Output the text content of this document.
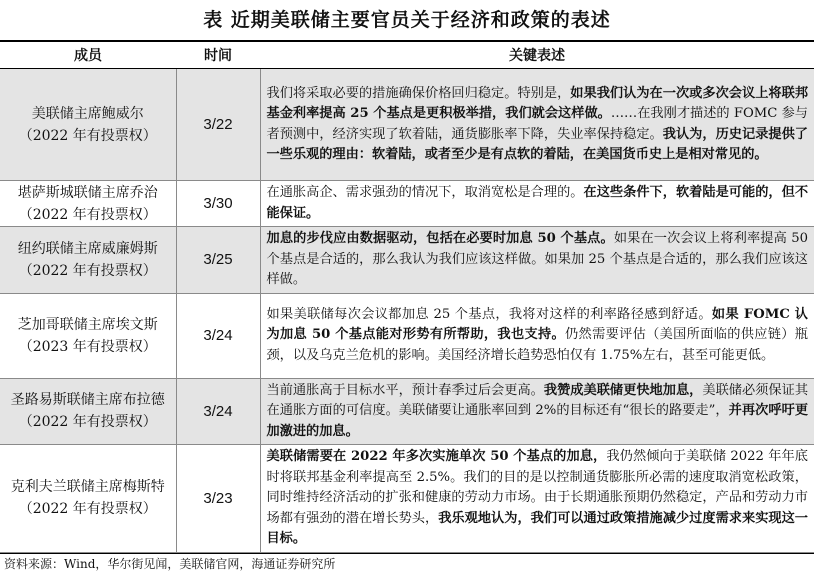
表 近期美联储主要官员关于经济和政策的表述
成员	时间	关键表述

美联储主席鲍威尔
（2022 年有投票权）	3/22	我们将采取必要的措施确保价格回归稳定。特别是，如果我们认为在一次或多次会议上将联邦基金利率提高 25 个基点是更积极举措，我们就会这样做。……在我刚才描述的 FOMC 参与者预测中，经济实现了软着陆，通货膨胀率下降，失业率保持稳定。我认为，历史记录提供了一些乐观的理由：软着陆，或者至少是有点软的着陆，在美国货币史上是相对常见的。

堪萨斯城联储主席乔治
（2022 年有投票权）	3/30	在通胀高企、需求强劲的情况下，取消宽松是合理的。在这些条件下，软着陆是可能的，但不能保证。

纽约联储主席威廉姆斯
（2022 年有投票权）	3/25	加息的步伐应由数据驱动，包括在必要时加息 50 个基点。如果在一次会议上将利率提高 50 个基点是合适的，那么我认为我们应该这样做。如果加 25 个基点是合适的，那么我们应该这样做。

芝加哥联储主席埃文斯
（2023 年有投票权）	3/24	如果美联储每次会议都加息 25 个基点，我将对这样的利率路径感到舒适。如果 FOMC 认为加息 50 个基点能对形势有所帮助，我也支持。仍然需要评估（美国所面临的供应链）瓶颈，以及乌克兰危机的影响。美国经济增长趋势恐怕仅有 1.75%左右，甚至可能更低。

圣路易斯联储主席布拉德
（2022 年有投票权）	3/24	当前通胀高于目标水平，预计春季过后会更高。我赞成美联储更快地加息，美联储必须保证其在通胀方面的可信度。美联储要让通胀率回到 2%的目标还有“很长的路要走”，并再次呼吁更加激进的加息。

克利夫兰联储主席梅斯特
（2022 年有投票权）	3/23	美联储需要在 2022 年多次实施单次 50 个基点的加息，我仍然倾向于美联储 2022 年年底时将联邦基金利率提高至 2.5%。我们的目的是以控制通货膨胀所必需的速度取消宽松政策，同时维持经济活动的扩张和健康的劳动力市场。由于长期通胀预期仍然稳定，产品和劳动力市场都有强劲的潜在增长势头，我乐观地认为，我们可以通过政策措施减少过度需求来实现这一目标。
资料来源：Wind，华尔街见闻，美联储官网，海通证券研究所
